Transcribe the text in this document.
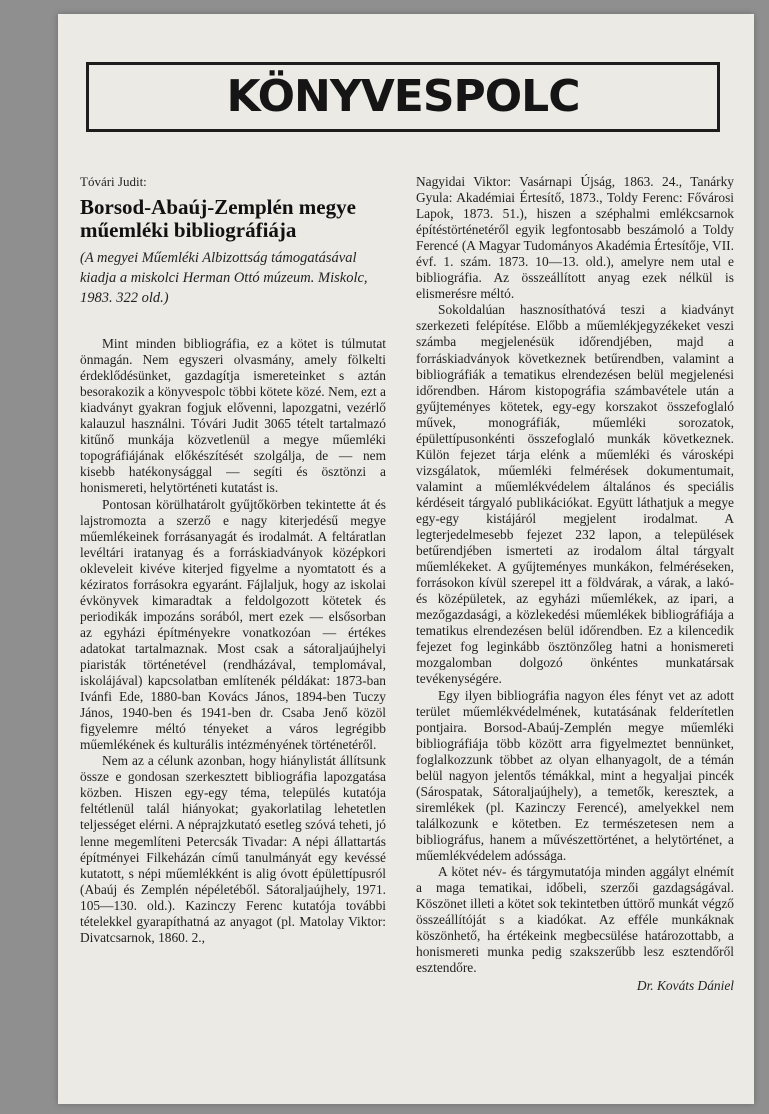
KÖNYVESPOLC
Tóvári Judit:
Borsod-Abaúj-Zemplén megye műemléki bibliográfiája

(A megyei Műemléki Albizottság támogatásával kiadja a miskolci Herman Ottó múzeum. Miskolc, 1983. 322 old.)

Mint minden bibliográfia, ez a kötet is túlmutat önmagán. Nem egyszeri olvasmány, amely fölkelti érdeklődésünket, gazdagítja ismereteinket s aztán besorakozik a könyvespolc többi kötete közé. Nem, ezt a kiadványt gyakran fogjuk elővenni, lapozgatni, vezérlő kalauzul használni. Tóvári Judit 3065 tételt tartalmazó kitűnő munkája közvetlenül a megye műemléki topográfiájának előkészítését szolgálja, de — nem kisebb hatékonysággal — segíti és ösztönzi a honismereti, helytörténeti kutatást is.

Pontosan körülhatárolt gyűjtőkörben tekintette át és lajstromozta a szerző e nagy kiterjedésű megye műemlékeinek forrásanyagát és irodalmát. A feltáratlan levéltári iratanyag és a forráskiadványok középkori okleveleit kivéve kiterjed figyelme a nyomtatott és a kéziratos forrásokra egyaránt. Fájlaljuk, hogy az iskolai évkönyvek kimaradtak a feldolgozott kötetek és periodikák impozáns sorából, mert ezek — elsősorban az egyházi építményekre vonatkozóan — értékes adatokat tartalmaznak. Most csak a sátoraljaújhelyi piaristák történetével (rendházával, templomával, iskolájával) kapcsolatban említenék példákat: 1873-ban Ivánfi Ede, 1880-ban Kovács János, 1894-ben Tuczy János, 1940-ben és 1941-ben dr. Csaba Jenő közöl figyelemre méltó tényeket a város legrégibb műemlékének és kulturális intézményének történetéről.

Nem az a célunk azonban, hogy hiánylistát állítsunk össze e gondosan szerkesztett bibliográfia lapozgatása közben. Hiszen egy-egy téma, település kutatója feltétlenül talál hiányokat; gyakorlatilag lehetetlen teljességet elérni. A néprajzkutató esetleg szóvá teheti, jó lenne megemlíteni Petercsák Tivadar: A népi állattartás építményei Filkeházán című tanulmányát egy kevéssé kutatott, s népi műemlékként is alig óvott épülettípusról (Abaúj és Zemplén népéletéből. Sátoraljaújhely, 1971. 105—130. old.). Kazinczy Ferenc kutatója további tételekkel gyarapíthatná az anyagot (pl. Matolay Viktor: Divatcsarnok, 1860. 2.,

Nagyidai Viktor: Vasárnapi Újság, 1863. 24., Tanárky Gyula: Akadémiai Értesítő, 1873., Toldy Ferenc: Fővárosi Lapok, 1873. 51.), hiszen a széphalmi emlékcsarnok építéstörténetéről egyik legfontosabb beszámoló a Toldy Ferencé (A Magyar Tudományos Akadémia Értesítője, VII. évf. 1. szám. 1873. 10—13. old.), amelyre nem utal e bibliográfia. Az összeállított anyag ezek nélkül is elismerésre méltó.

Sokoldalúan hasznosíthatóvá teszi a kiadványt szerkezeti felépítése. Előbb a műemlékjegyzékeket veszi számba megjelenésük időrendjében, majd a forráskiadványok következnek betűrendben, valamint a bibliográfiák a tematikus elrendezésen belül megjelenési időrendben. Három kistopográfia számbavétele után a gyűjteményes kötetek, egy-egy korszakot összefoglaló művek, monográfiák, műemléki sorozatok, épülettípusonkénti összefoglaló munkák következnek. Külön fejezet tárja elénk a műemléki és városképi vizsgálatok, műemléki felmérések dokumentumait, valamint a műemlékvédelem általános és speciális kérdéseit tárgyaló publikációkat. Együtt láthatjuk a megye egy-egy kistájáról megjelent irodalmat. A legterjedelmesebb fejezet 232 lapon, a települések betűrendjében ismerteti az irodalom által tárgyalt műemlékeket. A gyűjteményes munkákon, felméréseken, forrásokon kívül szerepel itt a földvárak, a várak, a lakó- és középületek, az egyházi műemlékek, az ipari, a mezőgazdasági, a közlekedési műemlékek bibliográfiája a tematikus elrendezésen belül időrendben. Ez a kilencedik fejezet fog leginkább ösztönzőleg hatni a honismereti mozgalomban dolgozó önkéntes munkatársak tevékenységére.

Egy ilyen bibliográfia nagyon éles fényt vet az adott terület műemlékvédelmének, kutatásának felderítetlen pontjaira. Borsod-Abaúj-Zemplén megye műemléki bibliográfiája több között arra figyelmeztet bennünket, foglalkozzunk többet az olyan elhanyagolt, de a témán belül nagyon jelentős témákkal, mint a hegyaljai pincék (Sárospatak, Sátoraljaújhely), a temetők, keresztek, a siremlékek (pl. Kazinczy Ferencé), amelyekkel nem találkozunk e kötetben. Ez természetesen nem a bibliográfus, hanem a művészettörténet, a helytörténet, a műemlékvédelem adóssága.

A kötet név- és tárgymutatója minden aggályt elnémít a maga tematikai, időbeli, szerzői gazdagságával. Köszönet illeti a kötet sok tekintetben úttörő munkát végző összeállítóját s a kiadókat. Az efféle munkáknak köszönhető, ha értékeink megbecsülése határozottabb, a honismereti munka pedig szakszerűbb lesz esztendőről esztendőre.

Dr. Kováts Dániel
